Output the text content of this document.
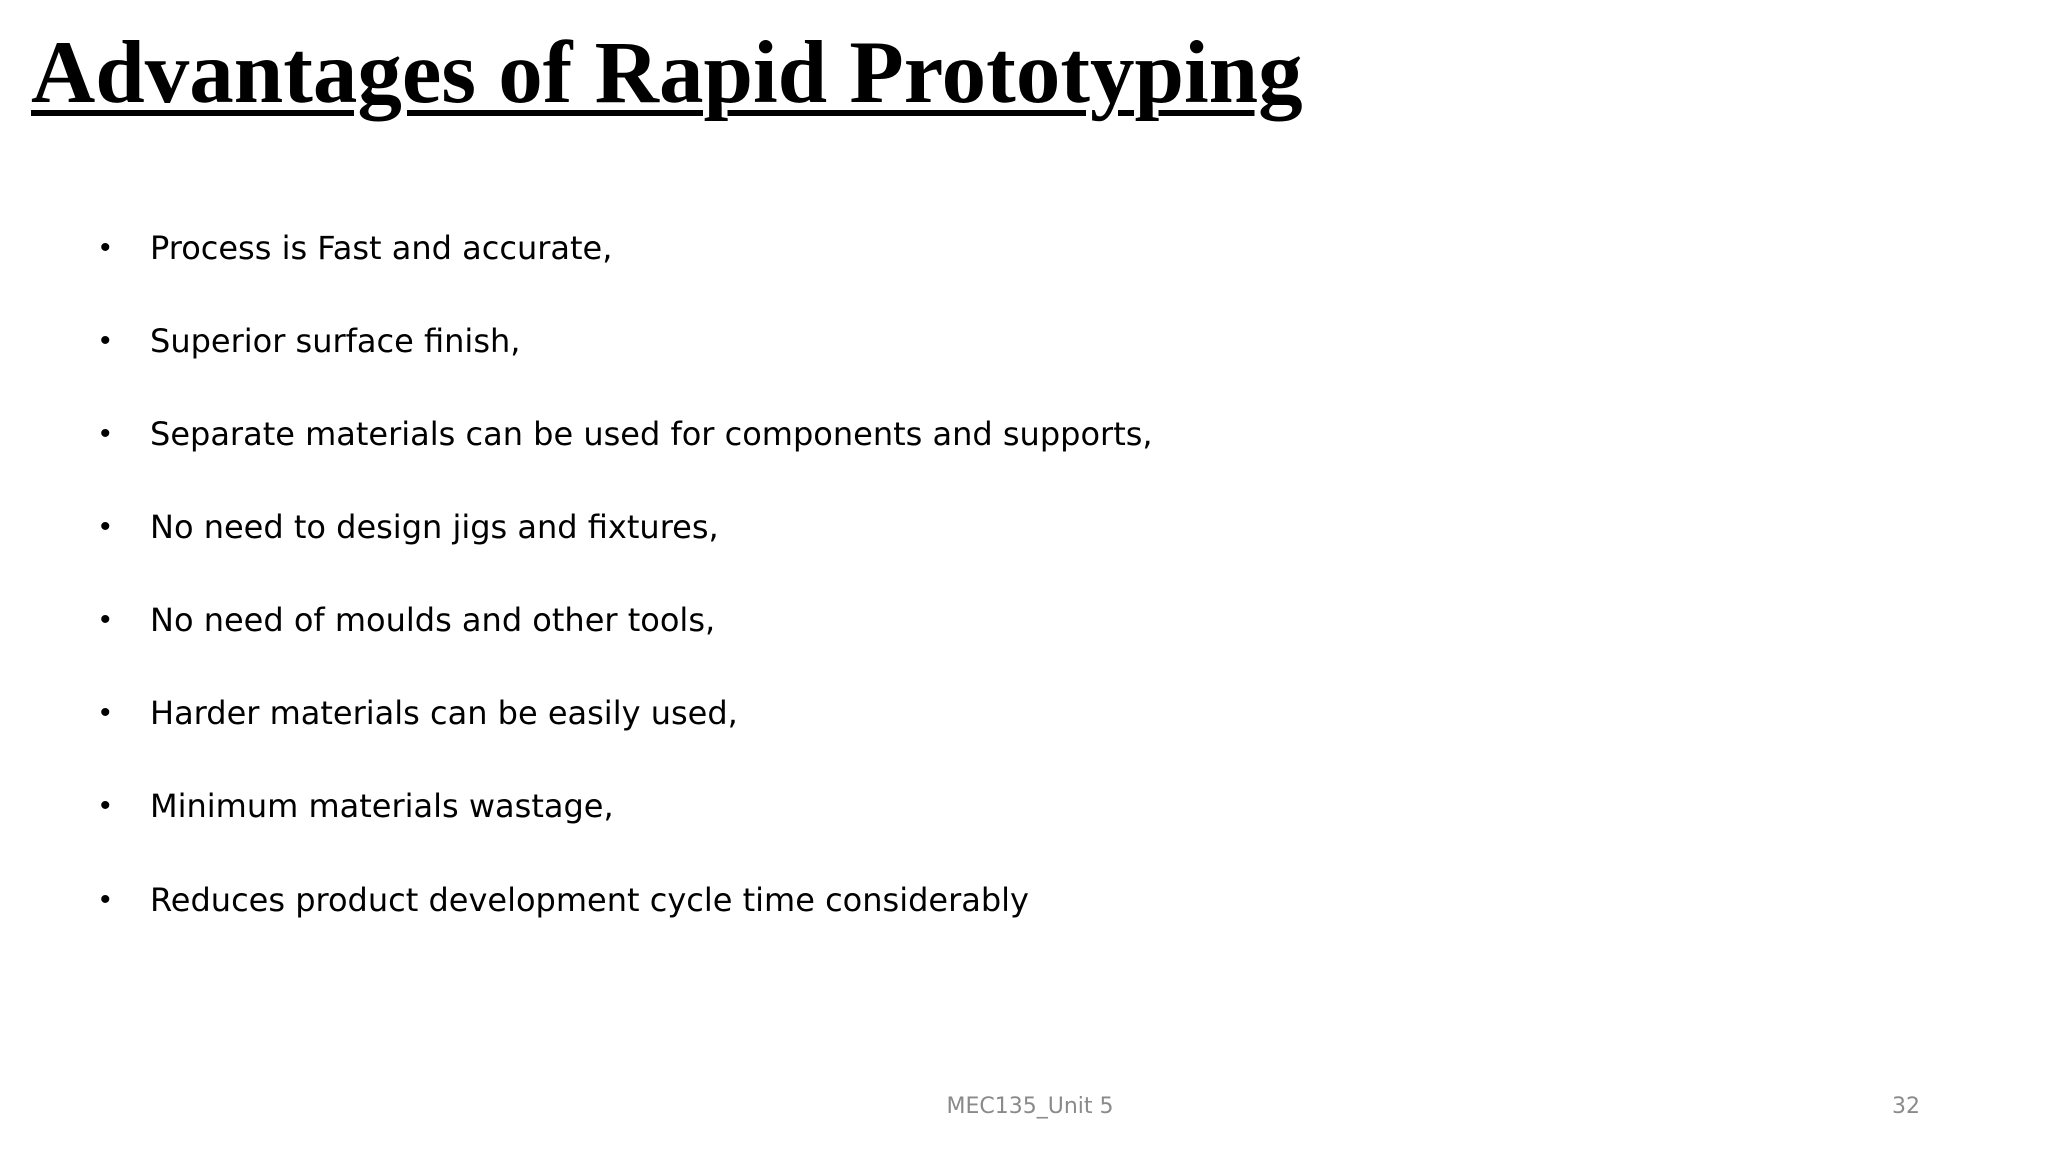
Advantages of Rapid Prototyping
•	Process is Fast and accurate,
•	Superior surface finish,
•	Separate materials can be used for components and supports,
•	No need to design jigs and fixtures,
•	No need of moulds and other tools,
•	Harder materials can be easily used,
•	Minimum materials wastage,
•	Reduces product development cycle time considerably
MEC135_Unit 5	32
